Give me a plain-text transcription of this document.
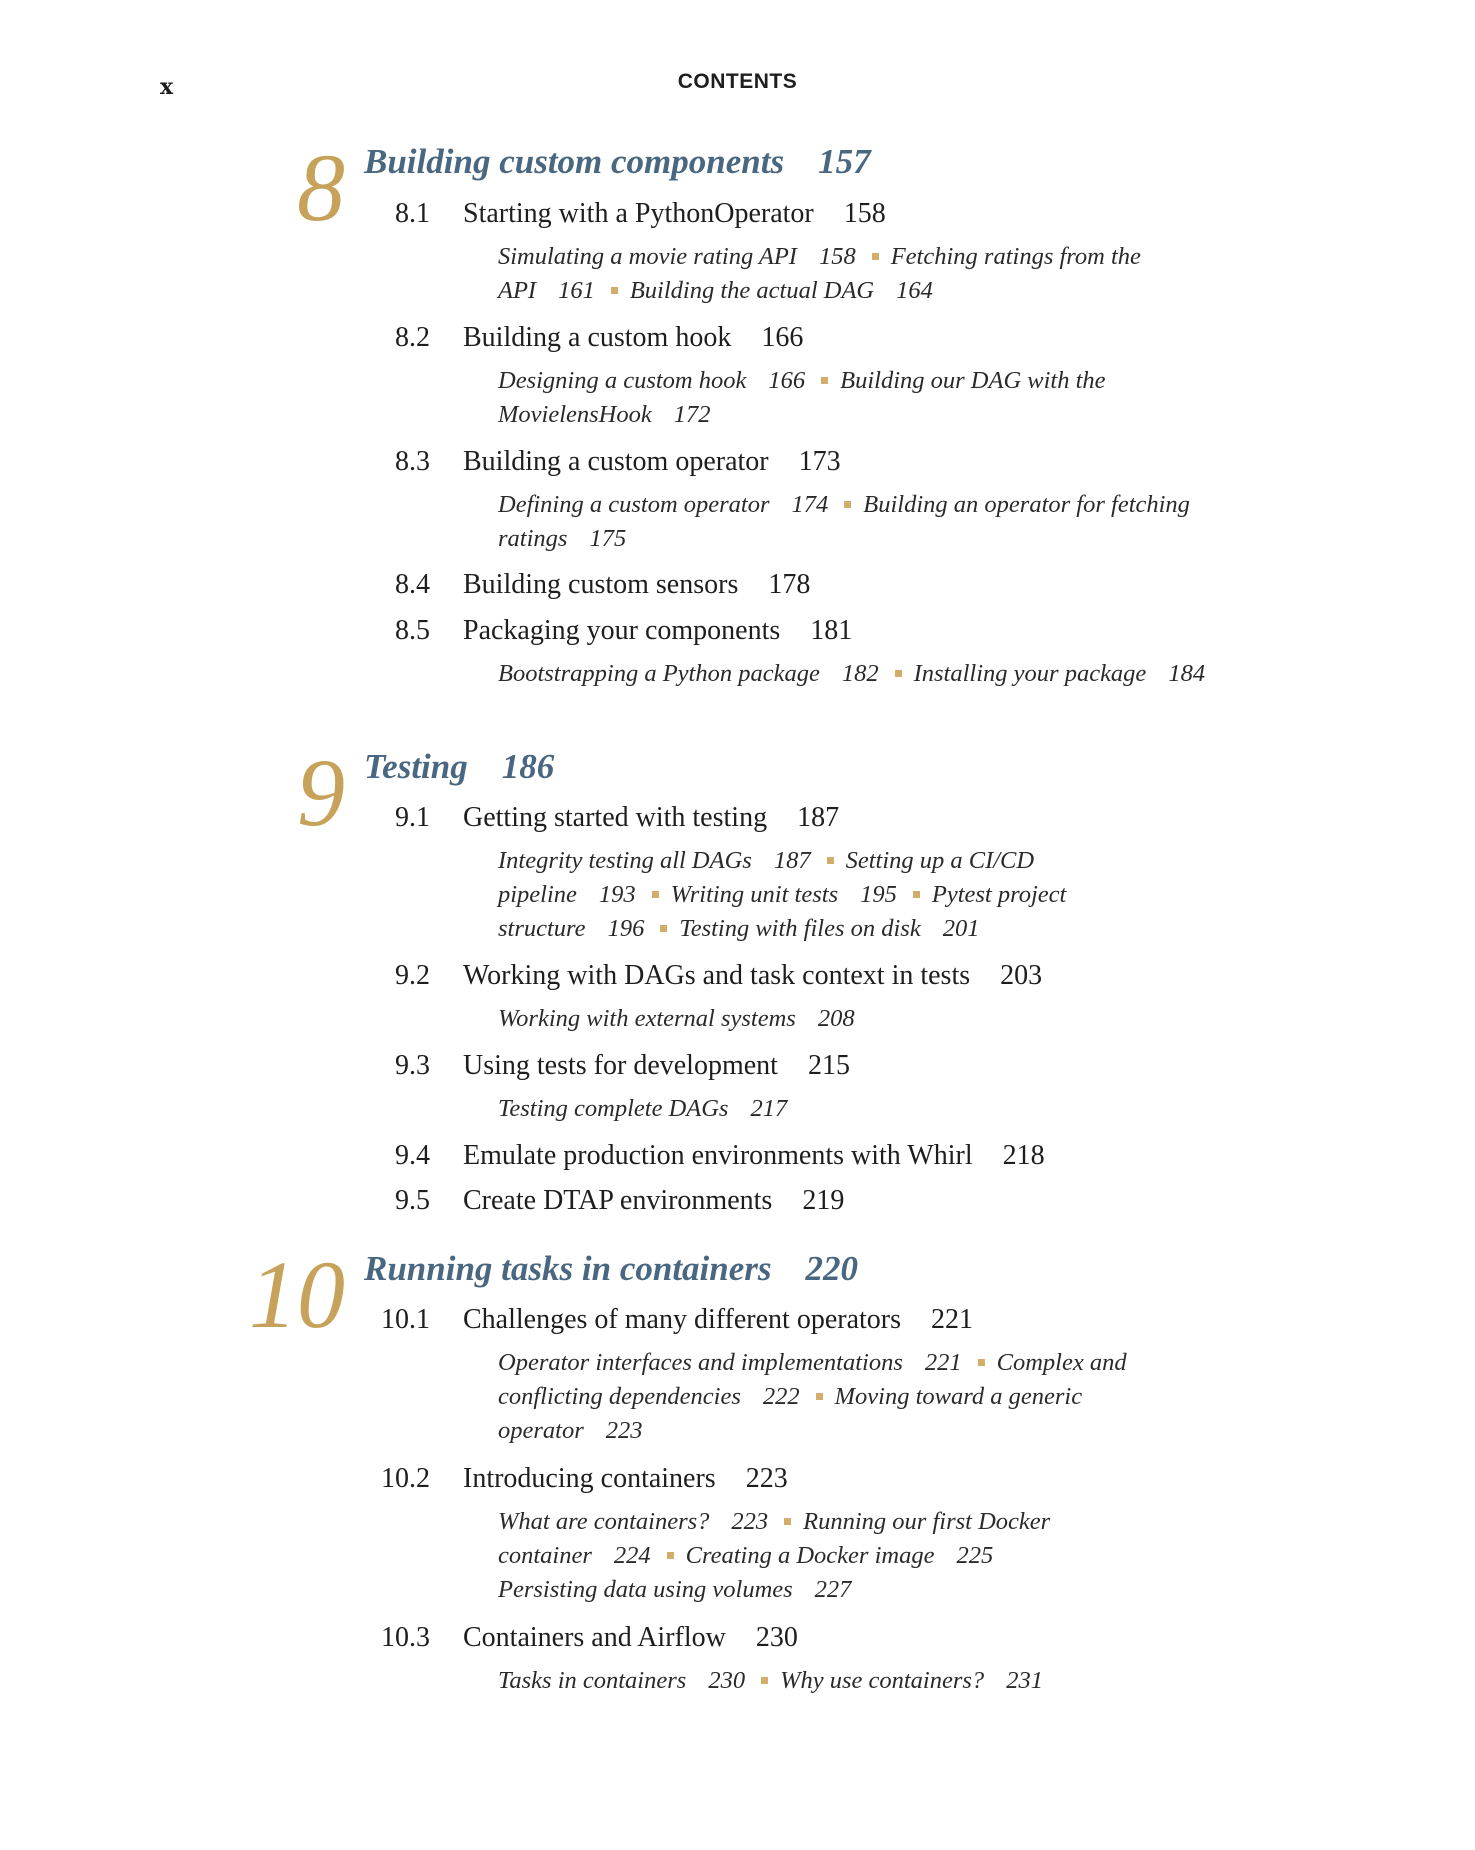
x	CONTENTS
8 Building custom components 157
8.1 Starting with a PythonOperator 158
Simulating a movie rating API 158 Fetching ratings from the API 161 Building the actual DAG 164
8.2 Building a custom hook 166
Designing a custom hook 166 Building our DAG with the MovielensHook 172
8.3 Building a custom operator 173
Defining a custom operator 174 Building an operator for fetching ratings 175
8.4 Building custom sensors 178
8.5 Packaging your components 181
Bootstrapping a Python package 182 Installing your package 184
9 Testing 186
9.1 Getting started with testing 187
Integrity testing all DAGs 187 Setting up a CI/CD pipeline 193 Writing unit tests 195 Pytest project structure 196 Testing with files on disk 201
9.2 Working with DAGs and task context in tests 203
Working with external systems 208
9.3 Using tests for development 215
Testing complete DAGs 217
9.4 Emulate production environments with Whirl 218
9.5 Create DTAP environments 219
10 Running tasks in containers 220
10.1 Challenges of many different operators 221
Operator interfaces and implementations 221 Complex and conflicting dependencies 222 Moving toward a generic operator 223
10.2 Introducing containers 223
What are containers? 223 Running our first Docker container 224 Creating a Docker image 225
Persisting data using volumes 227
10.3 Containers and Airflow 230
Tasks in containers 230 Why use containers? 231
